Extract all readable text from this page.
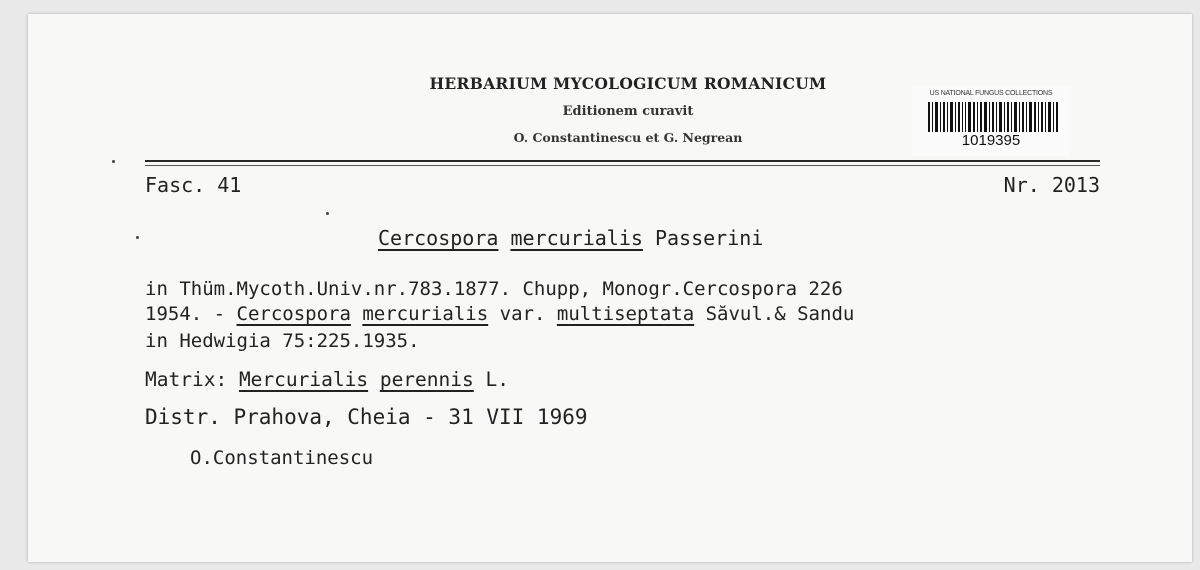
HERBARIUM MYCOLOGICUM ROMANICUM
Editionem curavit
O. Constantinescu et G. Negrean
US NATIONAL FUNGUS COLLECTIONS
1019395
Fasc. 41	Nr. 2013
Cercospora mercurialis Passerini
in Thüm.Mycoth.Univ.nr.783.1877. Chupp, Monogr.Cercospora 226
1954. - Cercospora mercurialis var. multiseptata Săvul.& Sandu
in Hedwigia 75:225.1935.
Matrix: Mercurialis perennis L.
Distr. Prahova, Cheia - 31 VII 1969
O.Constantinescu
